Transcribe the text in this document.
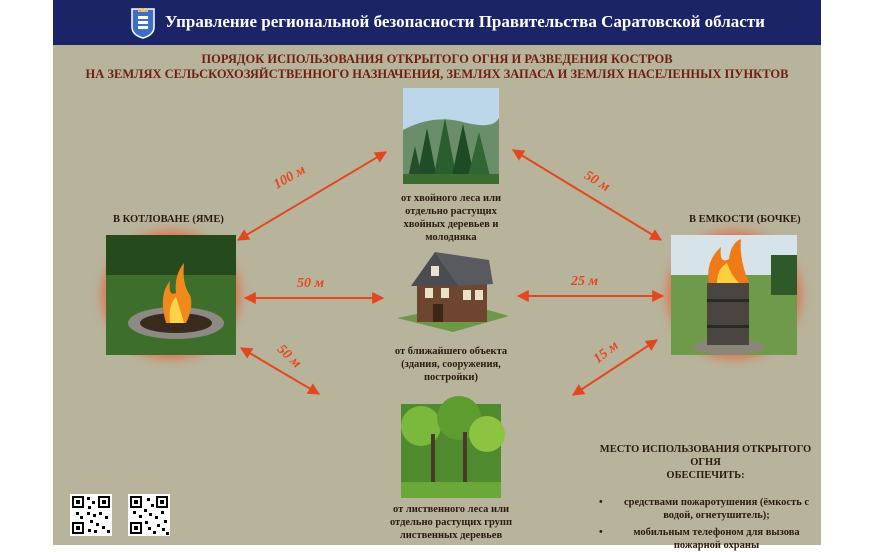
Управление региональной безопасности Правительства Саратовской области
ПОРЯДОК ИСПОЛЬЗОВАНИЯ ОТКРЫТОГО ОГНЯ И РАЗВЕДЕНИЯ КОСТРОВ
НА ЗЕМЛЯХ СЕЛЬСКОХОЗЯЙСТВЕННОГО НАЗНАЧЕНИЯ, ЗЕМЛЯХ ЗАПАСА И ЗЕМЛЯХ НАСЕЛЕННЫХ ПУНКТОВ
100 м	50 м
50 м	25 м
50 м	15 м
от хвойного леса или
отдельно растущих
хвойных деревьев и
молодняка
В КОТЛОВАНЕ (ЯМЕ)	В ЕМКОСТИ (БОЧКЕ)
от ближайшего объекта
(здания, сооружения,
постройки)
от лиственного леса или
отдельно растущих групп
лиственных деревьев
МЕСТО ИСПОЛЬЗОВАНИЯ ОТКРЫТОГО ОГНЯ
ОБЕСПЕЧИТЬ:
•	средствами пожаротушения (ёмкость с
водой, огнетушитель);
•	мобильным телефоном для вызова
пожарной охраны
